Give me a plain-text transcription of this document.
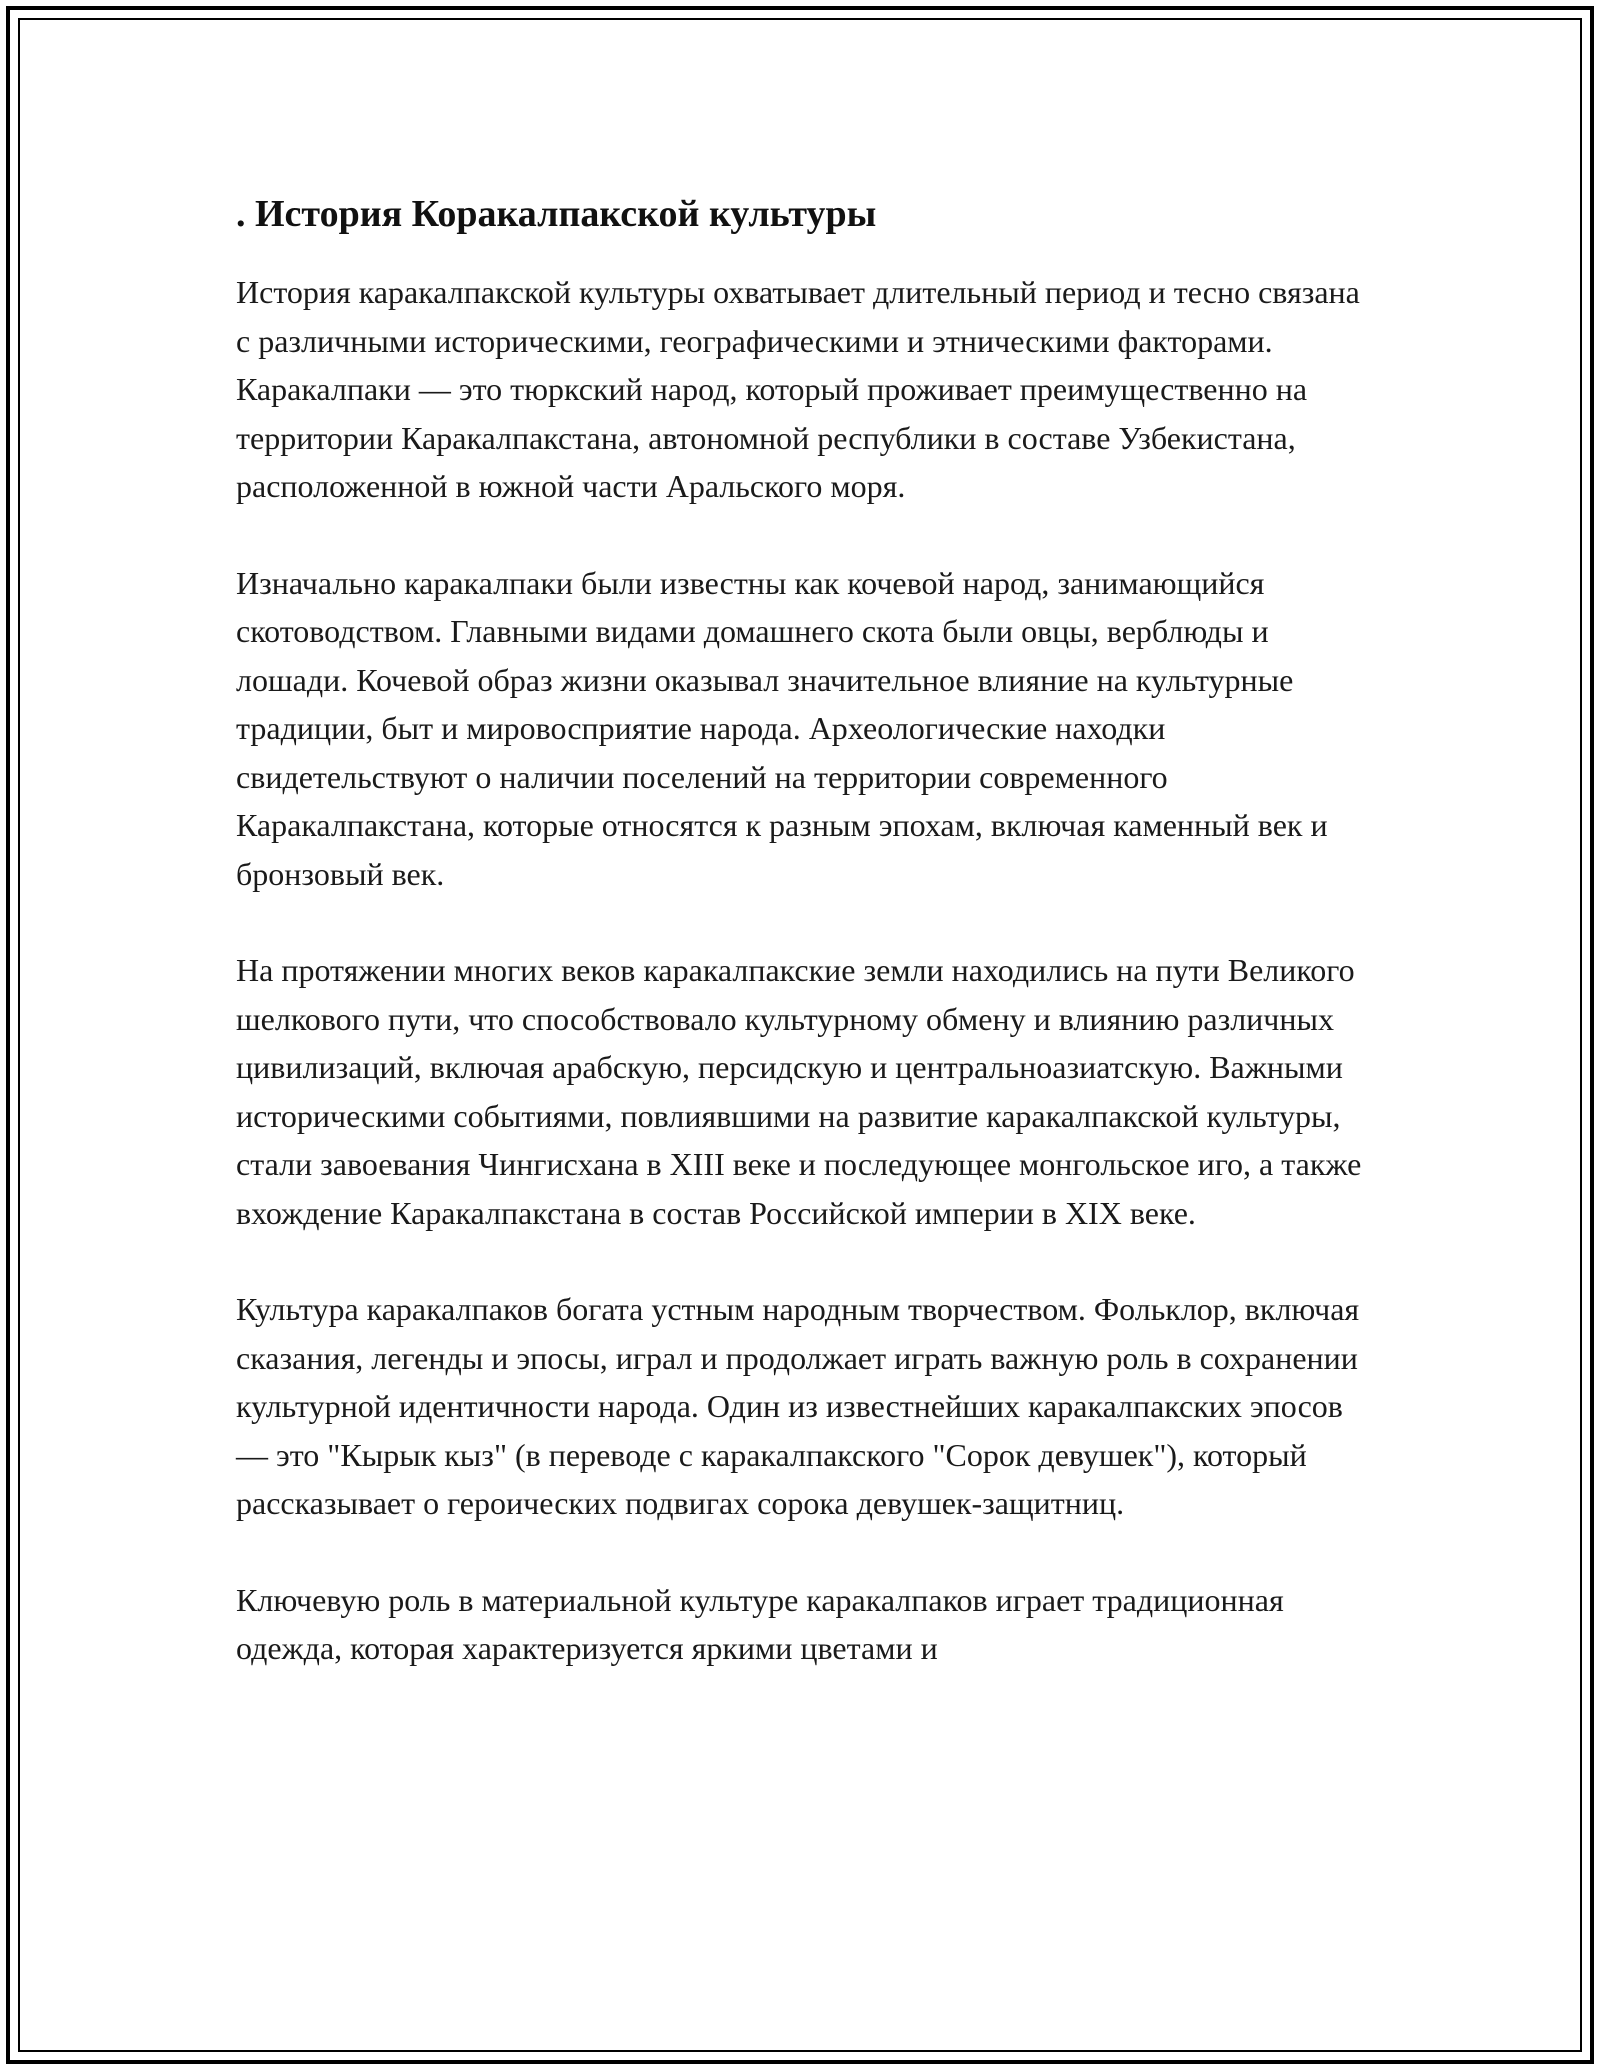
. История Коракалпакской культуры

История каракалпакской культуры охватывает длительный период и тесно связана с различными историческими, географическими и этническими факторами. Каракалпаки — это тюркский народ, который проживает преимущественно на территории Каракалпакстана, автономной республики в составе Узбекистана, расположенной в южной части Аральского моря.

Изначально каракалпаки были известны как кочевой народ, занимающийся скотоводством. Главными видами домашнего скота были овцы, верблюды и лошади. Кочевой образ жизни оказывал значительное влияние на культурные традиции, быт и мировосприятие народа. Археологические находки свидетельствуют о наличии поселений на территории современного Каракалпакстана, которые относятся к разным эпохам, включая каменный век и бронзовый век.

На протяжении многих веков каракалпакские земли находились на пути Великого шелкового пути, что способствовало культурному обмену и влиянию различных цивилизаций, включая арабскую, персидскую и центральноазиатскую. Важными историческими событиями, повлиявшими на развитие каракалпакской культуры, стали завоевания Чингисхана в XIII веке и последующее монгольское иго, а также вхождение Каракалпакстана в состав Российской империи в XIX веке.

Культура каракалпаков богата устным народным творчеством. Фольклор, включая сказания, легенды и эпосы, играл и продолжает играть важную роль в сохранении культурной идентичности народа. Один из известнейших каракалпакских эпосов — это "Кырык кыз" (в переводе с каракалпакского "Сорок девушек"), который рассказывает о героических подвигах сорока девушек-защитниц.

Ключевую роль в материальной культуре каракалпаков играет традиционная одежда, которая характеризуется яркими цветами и
